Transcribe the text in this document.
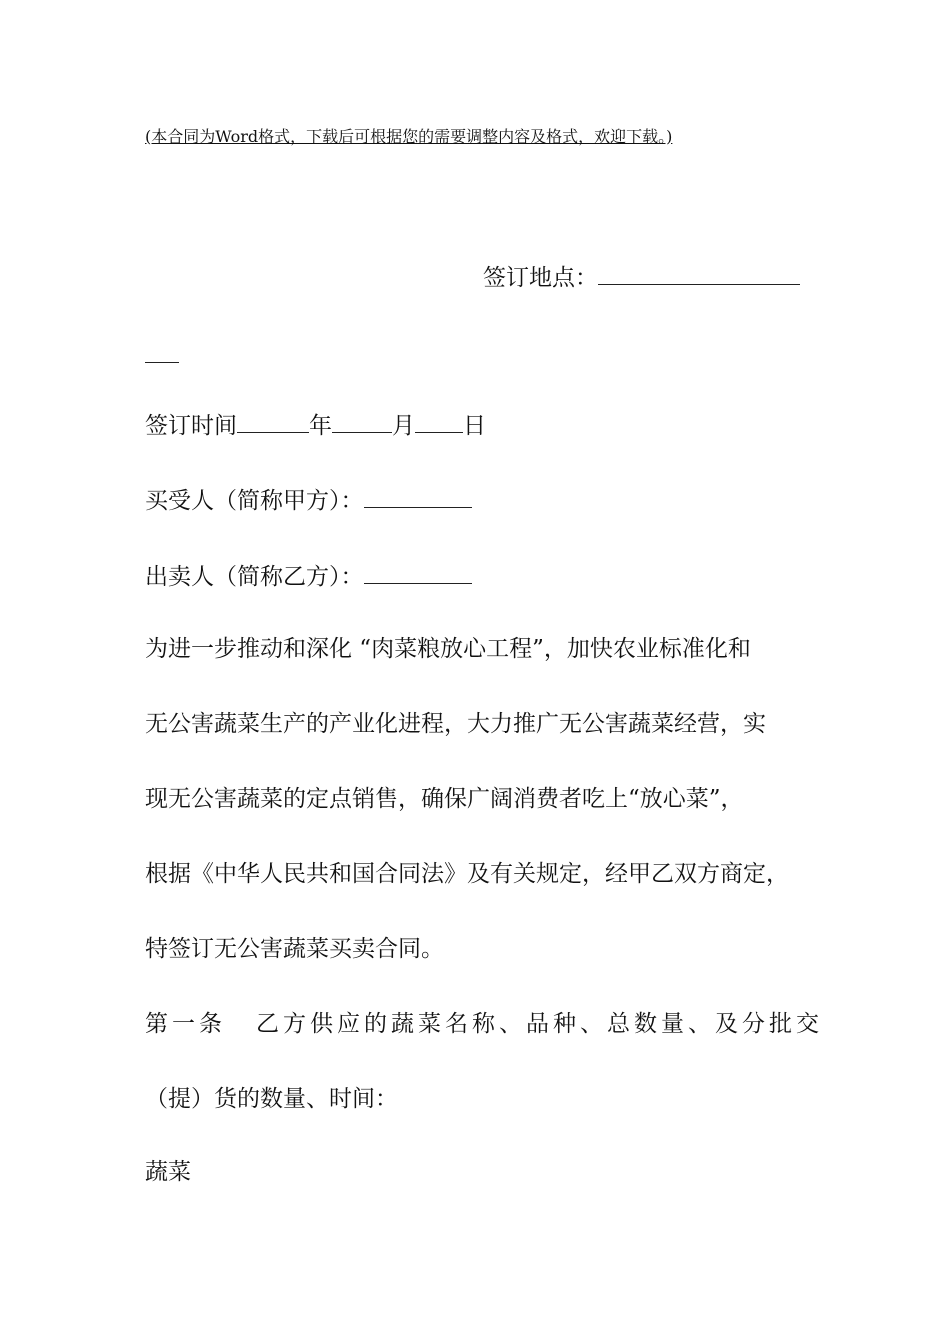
(本合同为Word格式，下载后可根据您的需要调整内容及格式，欢迎下载。)
签订地点：
签订时间	年	月 日
买受人（简称甲方）：
出卖人（简称乙方）：
为进一步推动和深化 “肉菜粮放心工程”，加快农业标准化和
无公害蔬菜生产的产业化进程，大力推广无公害蔬菜经营，实
现无公害蔬菜的定点销售，确保广阔消费者吃上“放心菜”，
根据《中华人民共和国合同法》及有关规定，经甲乙双方商定，
特签订无公害蔬菜买卖合同。
第一条 乙方供应的蔬菜名称、品种、总数量、及分批交
（提）货的数量、时间：
蔬菜
